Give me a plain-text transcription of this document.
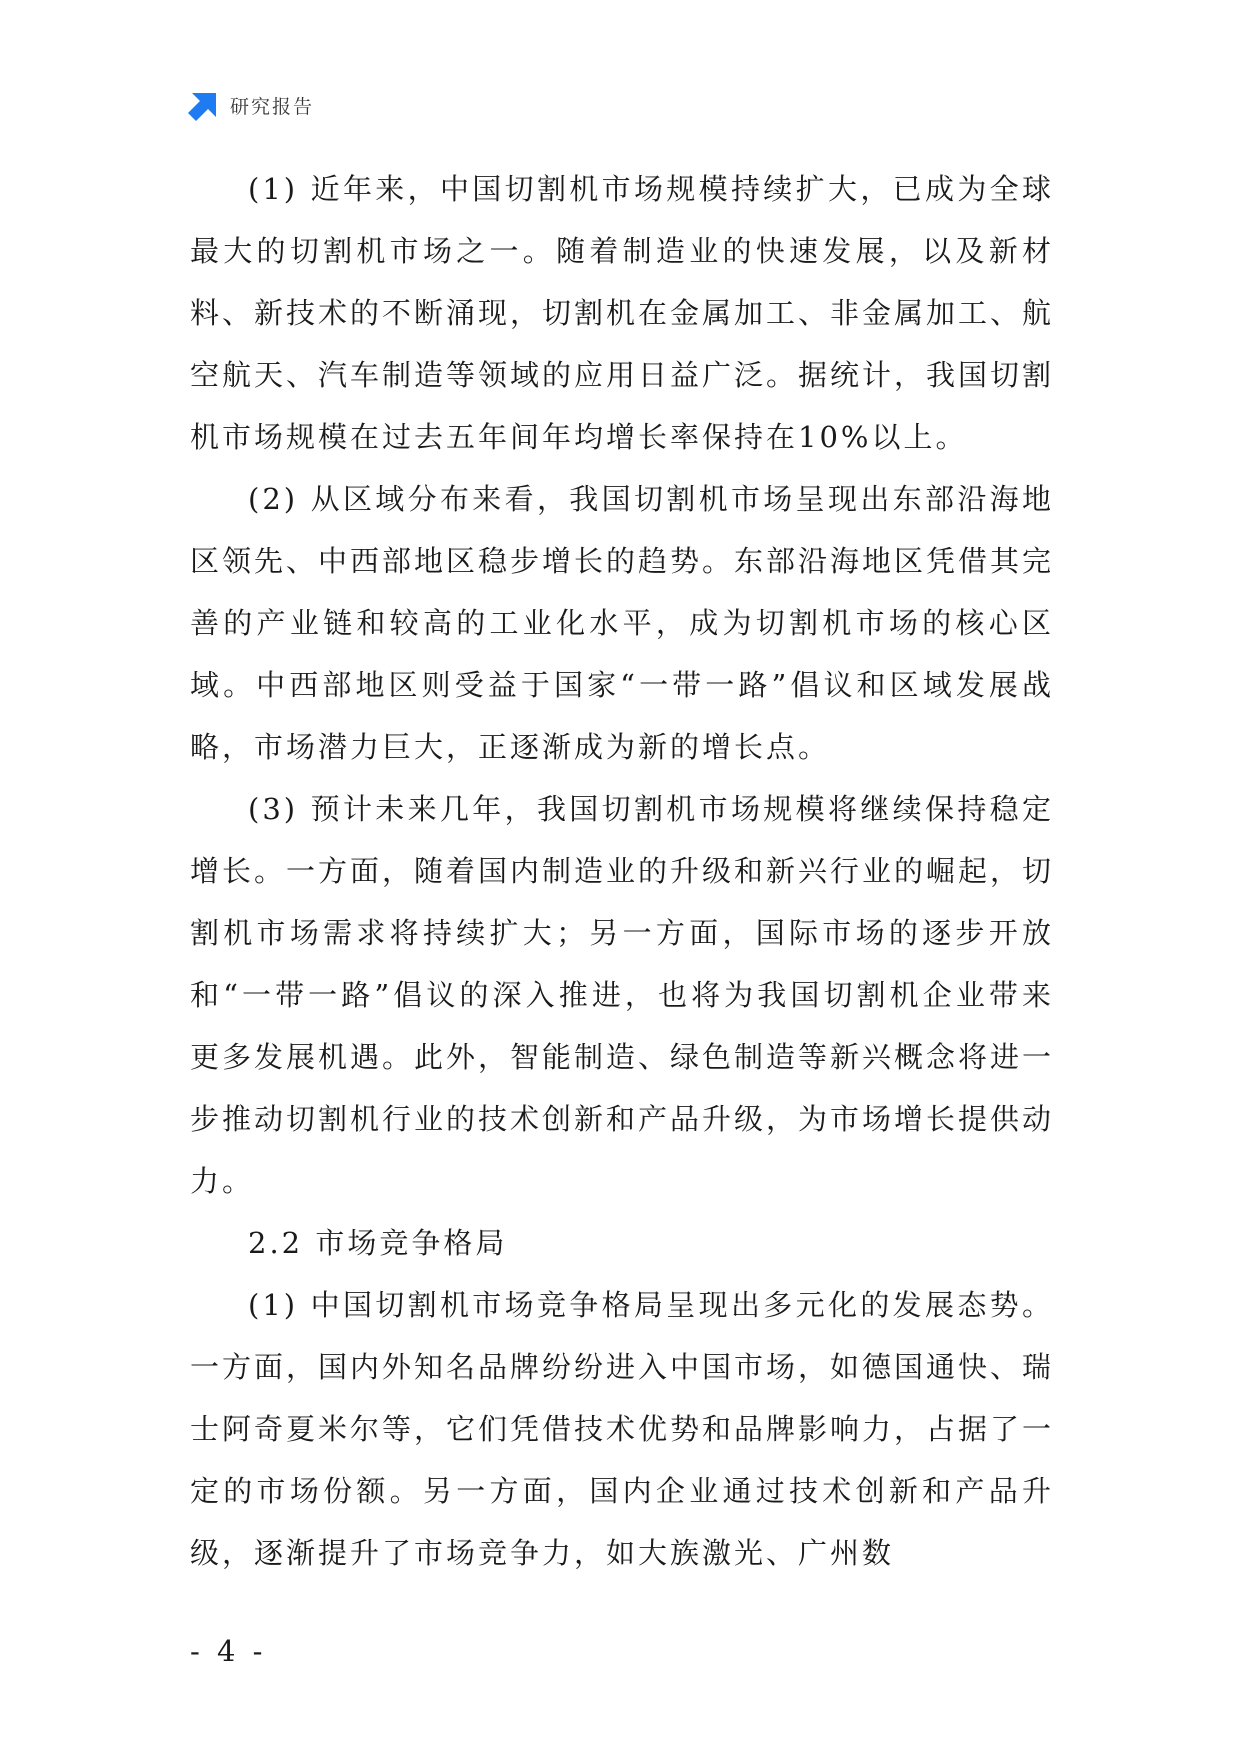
研究报告

(1) 近年来，中国切割机市场规模持续扩大，已成为全球最大的切割机市场之一。随着制造业的快速发展，以及新材料、新技术的不断涌现，切割机在金属加工、非金属加工、航空航天、汽车制造等领域的应用日益广泛。据统计，我国切割机市场规模在过去五年间年均增长率保持在10%以上。

(2) 从区域分布来看，我国切割机市场呈现出东部沿海地区领先、中西部地区稳步增长的趋势。东部沿海地区凭借其完善的产业链和较高的工业化水平，成为切割机市场的核心区域。中西部地区则受益于国家“一带一路”倡议和区域发展战略，市场潜力巨大，正逐渐成为新的增长点。

(3) 预计未来几年，我国切割机市场规模将继续保持稳定增长。一方面，随着国内制造业的升级和新兴行业的崛起，切割机市场需求将持续扩大；另一方面，国际市场的逐步开放和“一带一路”倡议的深入推进，也将为我国切割机企业带来更多发展机遇。此外，智能制造、绿色制造等新兴概念将进一步推动切割机行业的技术创新和产品升级，为市场增长提供动力。

2.2 市场竞争格局

(1) 中国切割机市场竞争格局呈现出多元化的发展态势。一方面，国内外知名品牌纷纷进入中国市场，如德国通快、瑞士阿奇夏米尔等，它们凭借技术优势和品牌影响力，占据了一定的市场份额。另一方面，国内企业通过技术创新和产品升级，逐渐提升了市场竞争力，如大族激光、广州数

- 4 -
